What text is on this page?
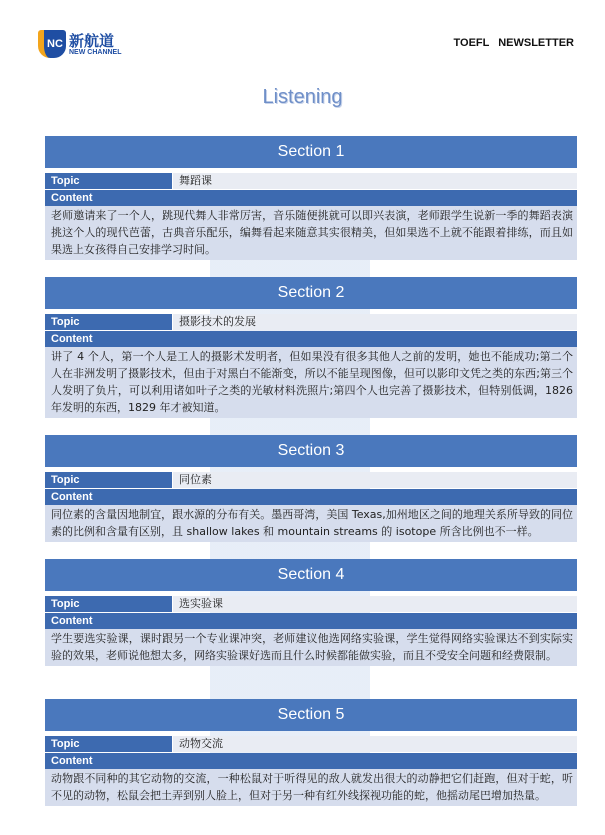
NC 新航道
NEW CHANNEL
TOEFL NEWSLETTER
Listening
Section 1
Topic	舞蹈课
Content
老师邀请来了一个人，跳现代舞人非常厉害，音乐随便挑就可以即兴表演，老师跟学生说新一季的舞蹈表演挑这个人的现代芭蕾，古典音乐配乐，编舞看起来随意其实很精美，但如果选不上就不能跟着排练，而且如果选上女孩得自己安排学习时间。
Section 2
Topic	摄影技术的发展
Content
讲了 4 个人，第一个人是工人的摄影术发明者，但如果没有很多其他人之前的发明，她也不能成功;第二个人在非洲发明了摄影技术，但由于对黑白不能渐变，所以不能呈现图像，但可以影印文凭之类的东西;第三个人发明了负片，可以利用诸如叶子之类的光敏材料洗照片;第四个人也完善了摄影技术，但特别低调，1826 年发明的东西，1829 年才被知道。
Section 3
Topic	同位素
Content
同位素的含量因地制宜，跟水源的分布有关。墨西哥湾，美国 Texas,加州地区之间的地理关系所导致的同位素的比例和含量有区别，且 shallow lakes 和 mountain streams 的 isotope 所含比例也不一样。
Section 4
Topic	选实验课
Content
学生要选实验课，课时跟另一个专业课冲突，老师建议他选网络实验课，学生觉得网络实验课达不到实际实验的效果，老师说他想太多，网络实验课好选而且什么时候都能做实验，而且不受安全问题和经费限制。
Section 5
Topic	动物交流
Content
动物跟不同种的其它动物的交流，一种松鼠对于听得见的敌人就发出很大的动静把它们赶跑，但对于蛇，听不见的动物，松鼠会把土弄到别人脸上，但对于另一种有红外线探视功能的蛇，他摇动尾巴增加热量。
